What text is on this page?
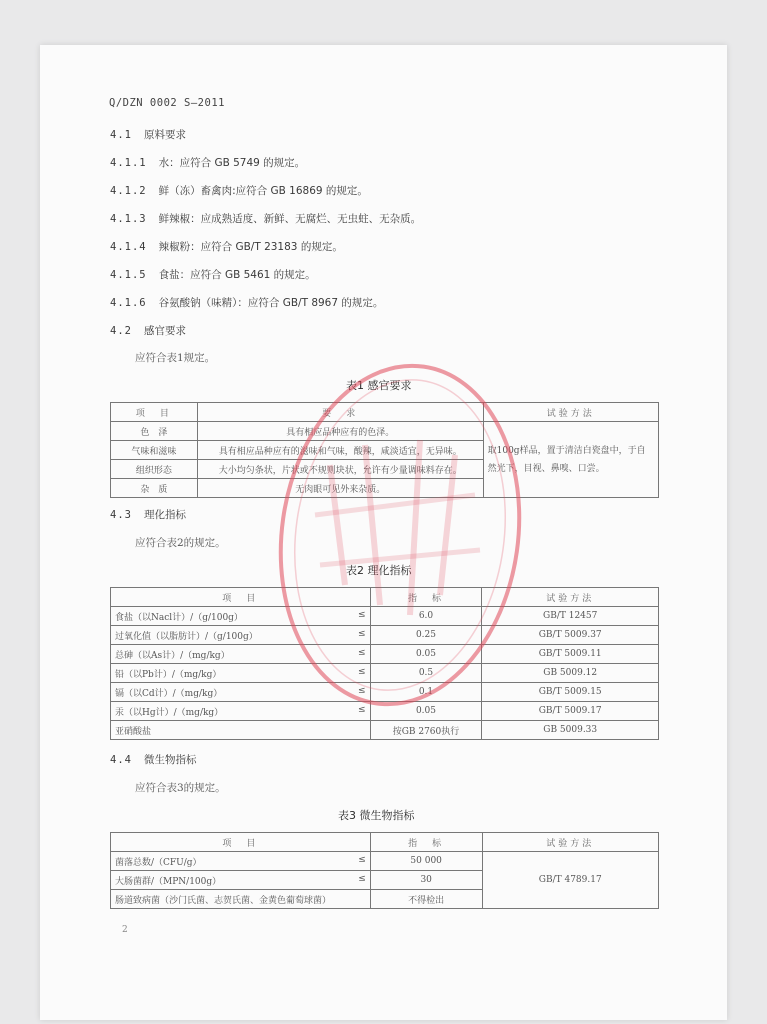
Q/DZN 0002 S—2011
4.1 原料要求
4.1.1 水：应符合 GB 5749 的规定。
4.1.2 鲜（冻）畜禽肉:应符合 GB 16869 的规定。
4.1.3 鲜辣椒：应成熟适度、新鲜、无腐烂、无虫蛀、无杂质。
4.1.4 辣椒粉：应符合 GB/T 23183 的规定。
4.1.5 食盐：应符合 GB 5461 的规定。
4.1.6 谷氨酸钠（味精）：应符合 GB/T 8967 的规定。
4.2 感官要求
应符合表1规定。
表1 感官要求
项　目	要　求	试验方法
色　泽	具有相应品种应有的色泽。	取100g样品，置于清洁白瓷盘中，于自然光下，目视、鼻嗅、口尝。
气味和滋味	具有相应品种应有的滋味和气味，酸辣，咸淡适宜，无异味。	
组织形态	大小均匀条状，片状或不规则块状，允许有少量调味料存在。	
杂　质	无肉眼可见外来杂质。	
4.3 理化指标
应符合表2的规定。
表2 理化指标
项　目	指　标	试验方法
食盐（以Nacl计）/（g/100g） ≤	6.0	GB/T 12457
过氧化值（以脂肪计）/（g/100g） ≤	0.25	GB/T 5009.37
总砷（以As计）/（mg/kg） ≤	0.05	GB/T 5009.11
铅（以Pb计）/（mg/kg） ≤	0.5	GB 5009.12
镉（以Cd计）/（mg/kg） ≤	0.1	GB/T 5009.15
汞（以Hg计）/（mg/kg） ≤	0.05	GB/T 5009.17
亚硝酸盐	按GB 2760执行	GB 5009.33
4.4 微生物指标
应符合表3的规定。
表3 微生物指标
项　目	指　标	试验方法
菌落总数/（CFU/g） ≤	50 000	GB/T 4789.17
大肠菌群/（MPN/100g） ≤	30	
肠道致病菌（沙门氏菌、志贺氏菌、金黄色葡萄球菌）	不得检出	
2
